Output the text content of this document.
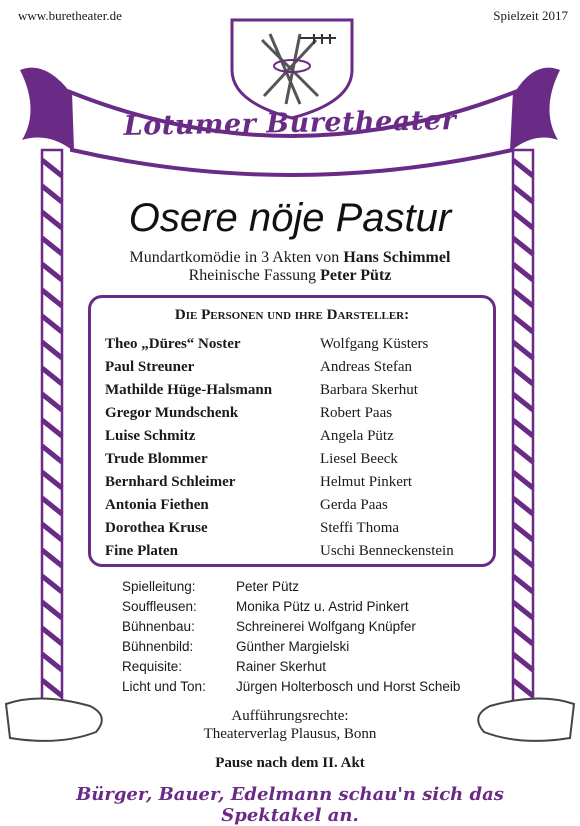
www.buretheater.de	Spielzeit 2017
Lotumer Buretheater
Osere nöje Pastur
Mundartkomödie in 3 Akten von Hans Schimmel
Rheinische Fassung Peter Pütz
Die Personen und ihre Darsteller:
Theo „Düres“ Noster	Wolfgang Küsters
Paul Streuner	Andreas Stefan
Mathilde Hüge-Halsmann	Barbara Skerhut
Gregor Mundschenk	Robert Paas
Luise Schmitz	Angela Pütz
Trude Blommer	Liesel Beeck
Bernhard Schleimer	Helmut Pinkert
Antonia Fiethen	Gerda Paas
Dorothea Kruse	Steffi Thoma
Fine Platen	Uschi Benneckenstein
Spielleitung:	Peter Pütz
Souffleusen:	Monika Pütz u. Astrid Pinkert
Bühnenbau:	Schreinerei Wolfgang Knüpfer
Bühnenbild:	Günther Margielski
Requisite:	Rainer Skerhut
Licht und Ton: Jürgen Holterbosch und Horst Scheib
Aufführungsrechte:
Theaterverlag Plausus, Bonn
Pause nach dem II. Akt
Bürger, Bauer, Edelmann schau'n sich das Spektakel an.
